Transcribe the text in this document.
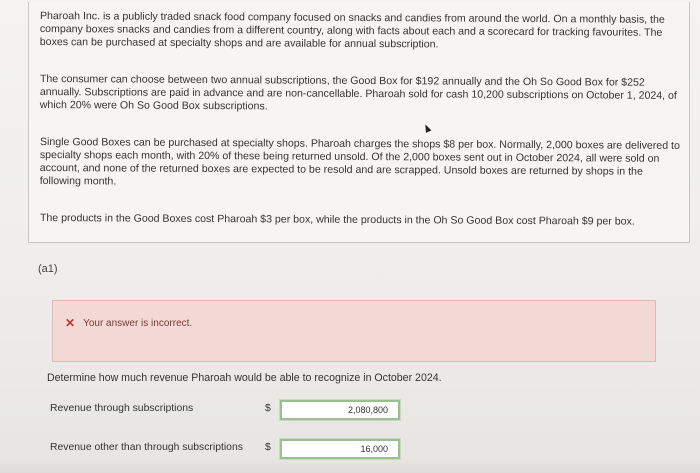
Pharoah Inc. is a publicly traded snack food company focused on snacks and candies from around the world. On a monthly basis, the company boxes snacks and candies from a different country, along with facts about each and a scorecard for tracking favourites. The boxes can be purchased at specialty shops and are available for annual subscription.
The consumer can choose between two annual subscriptions, the Good Box for $192 annually and the Oh So Good Box for $252 annually. Subscriptions are paid in advance and are non-cancellable. Pharoah sold for cash 10,200 subscriptions on October 1, 2024, of which 20% were Oh So Good Box subscriptions.
Single Good Boxes can be purchased at specialty shops. Pharoah charges the shops $8 per box. Normally, 2,000 boxes are delivered to specialty shops each month, with 20% of these being returned unsold. Of the 2,000 boxes sent out in October 2024, all were sold on account, and none of the returned boxes are expected to be resold and are scrapped. Unsold boxes are returned by shops in the following month.
The products in the Good Boxes cost Pharoah $3 per box, while the products in the Oh So Good Box cost Pharoah $9 per box.
(a1)
✕ Your answer is incorrect.
Determine how much revenue Pharoah would be able to recognize in October 2024.
Revenue through subscriptions	$
2,080,800
Revenue other than through subscriptions $
16,000
